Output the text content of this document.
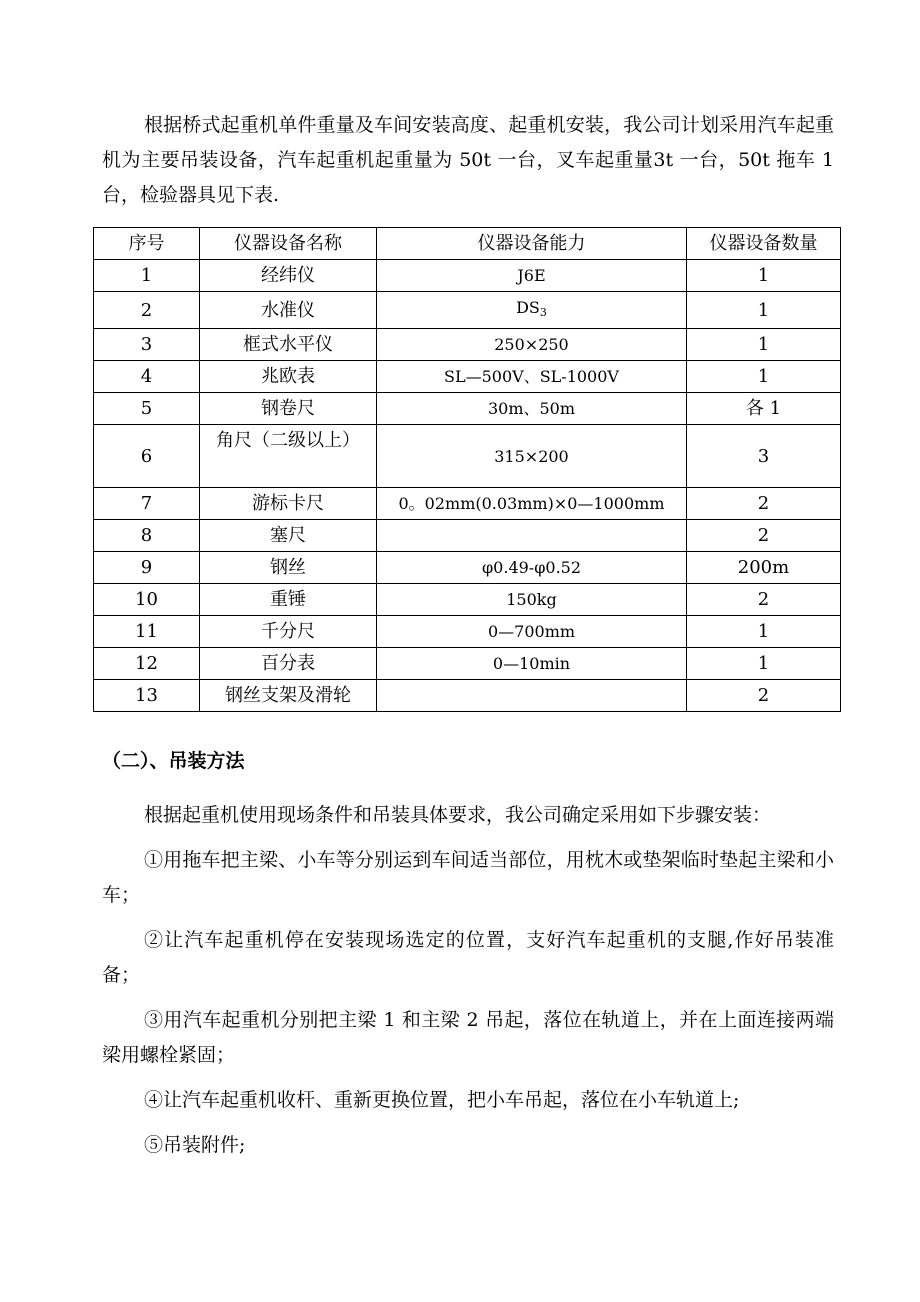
根据桥式起重机单件重量及车间安装高度、起重机安装，我公司计划采用汽车起重机为主要吊装设备，汽车起重机起重量为 50t 一台，叉车起重量3t 一台，50t 拖车 1 台，检验器具见下表.

序号	仪器设备名称	仪器设备能力	仪器设备数量
1	经纬仪	J6E	1
2	水准仪	$DS_3$	1
3	框式水平仪	250×250	1
4	兆欧表	SL—500V、SL-1000V	1
5	钢卷尺	30m、50m	各 1
6	角尺（二级以上）	315×200	3
7	游标卡尺	0。02mm(0.03mm)×0—1000mm	2
8	塞尺		2
9	钢丝	φ0.49-φ0.52	200m
10	重锤	150kg	2
11	千分尺	0—700mm	1
12	百分表	0—10min	1
13	钢丝支架及滑轮		2

（二）、吊装方法

根据起重机使用现场条件和吊装具体要求，我公司确定采用如下步骤安装：

①用拖车把主梁、小车等分别运到车间适当部位，用枕木或垫架临时垫起主梁和小车；

②让汽车起重机停在安装现场选定的位置，支好汽车起重机的支腿,作好吊装准备；

③用汽车起重机分别把主梁 1 和主梁 2 吊起，落位在轨道上，并在上面连接两端梁用螺栓紧固；

④让汽车起重机收杆、重新更换位置，把小车吊起，落位在小车轨道上;

⑤吊装附件;
